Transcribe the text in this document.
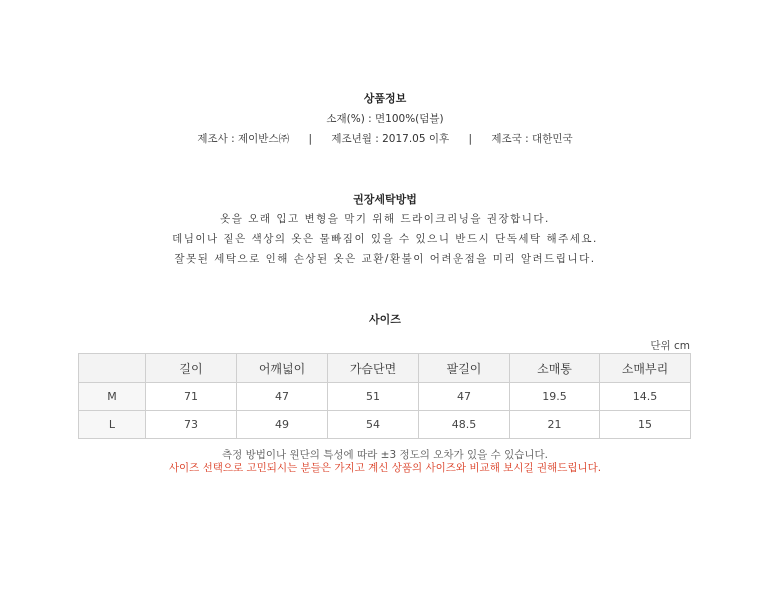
상품정보
소재(%) : 면100%(덤블)
제조사 : 제이반스㈜ | 제조년월 : 2017.05 이후 | 제조국 : 대한민국
권장세탁방법
옷을 오래 입고 변형을 막기 위해 드라이크리닝을 권장합니다.
데님이나 짙은 색상의 옷은 물빠짐이 있을 수 있으니 반드시 단독세탁 해주세요.
잘못된 세탁으로 인해 손상된 옷은 교환/환불이 어려운점을 미리 알려드립니다.
사이즈
단위 cm
	길이	어깨넓이	가슴단면	팔길이	소매통	소매부리
M	71	47	51	47	19.5	14.5
L	73	49	54	48.5	21	15
측정 방법이나 원단의 특성에 따라 ±3 정도의 오차가 있을 수 있습니다.
사이즈 선택으로 고민되시는 분들은 가지고 계신 상품의 사이즈와 비교해 보시길 권해드립니다.
